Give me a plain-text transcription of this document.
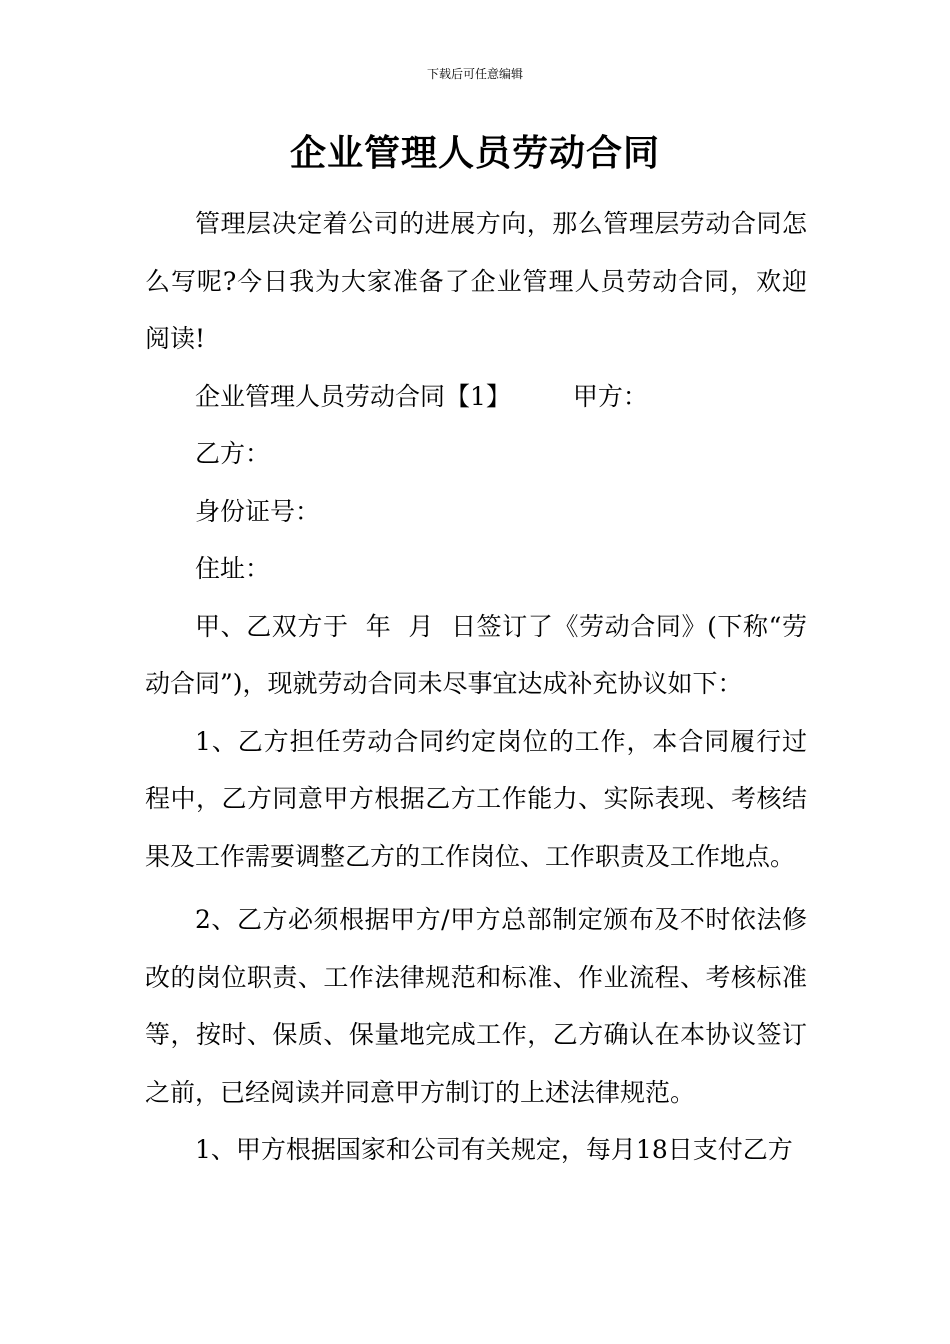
下载后可任意编辑
企业管理人员劳动合同

管理层决定着公司的进展方向，那么管理层劳动合同怎么写呢?今日我为大家准备了企业管理人员劳动合同，欢迎阅读!

企业管理人员劳动合同【1】 甲方：

乙方：

身份证号：

住址：

甲、乙双方于  年  月  日签订了《劳动合同》(下称“劳动合同”)，现就劳动合同未尽事宜达成补充协议如下：

1、乙方担任劳动合同约定岗位的工作，本合同履行过程中，乙方同意甲方根据乙方工作能力、实际表现、考核结果及工作需要调整乙方的工作岗位、工作职责及工作地点。

2、乙方必须根据甲方/甲方总部制定颁布及不时依法修改的岗位职责、工作法律规范和标准、作业流程、考核标准等，按时、保质、保量地完成工作，乙方确认在本协议签订之前，已经阅读并同意甲方制订的上述法律规范。

1、甲方根据国家和公司有关规定，每月18日支付乙方
